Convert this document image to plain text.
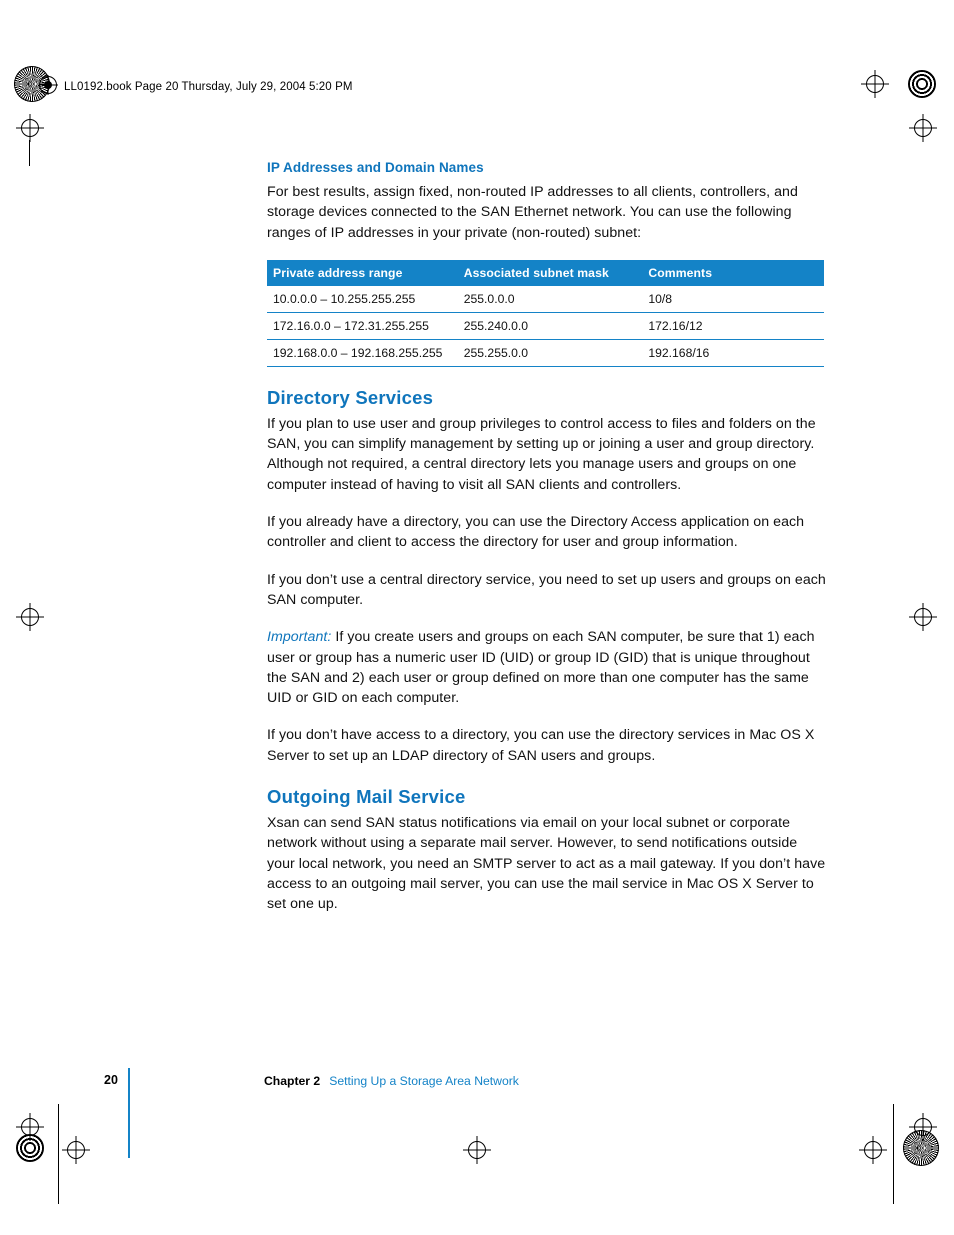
LL0192.book Page 20 Thursday, July 29, 2004 5:20 PM
IP Addresses and Domain Names

For best results, assign fixed, non-routed IP addresses to all clients, controllers, and storage devices connected to the SAN Ethernet network. You can use the following ranges of IP addresses in your private (non-routed) subnet:

Private address range	Associated subnet mask	Comments
10.0.0.0 – 10.255.255.255	255.0.0.0	10/8
172.16.0.0 – 172.31.255.255	255.240.0.0	172.16/12
192.168.0.0 – 192.168.255.255	255.255.0.0	192.168/16
Directory Services

If you plan to use user and group privileges to control access to files and folders on the SAN, you can simplify management by setting up or joining a user and group directory. Although not required, a central directory lets you manage users and groups on one computer instead of having to visit all SAN clients and controllers.

If you already have a directory, you can use the Directory Access application on each controller and client to access the directory for user and group information.

If you don’t use a central directory service, you need to set up users and groups on each SAN computer.

Important: If you create users and groups on each SAN computer, be sure that 1) each user or group has a numeric user ID (UID) or group ID (GID) that is unique throughout the SAN and 2) each user or group defined on more than one computer has the same UID or GID on each computer.

If you don’t have access to a directory, you can use the directory services in Mac OS X Server to set up an LDAP directory of SAN users and groups.

Outgoing Mail Service

Xsan can send SAN status notifications via email on your local subnet or corporate network without using a separate mail server. However, to send notifications outside your local network, you need an SMTP server to act as a mail gateway. If you don’t have access to an outgoing mail server, you can use the mail service in Mac OS X Server to set one up.

20	Chapter 2 Setting Up a Storage Area Network
